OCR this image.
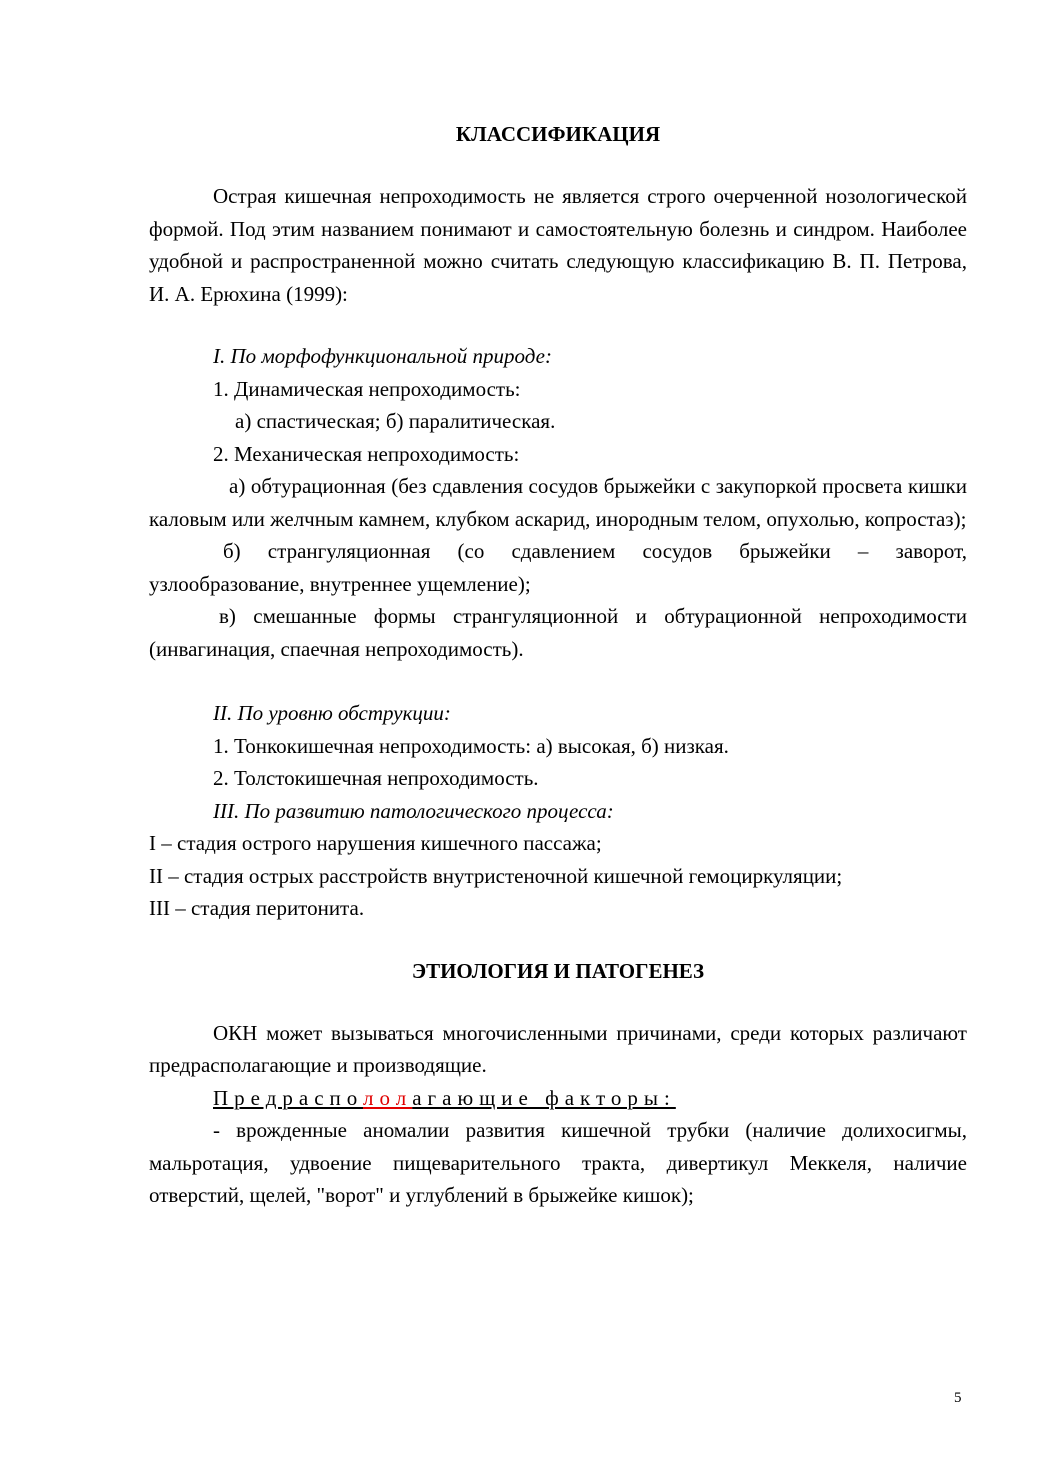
КЛАССИФИКАЦИЯ

Острая кишечная непроходимость не является строго очерченной нозологической формой. Под этим названием понимают и самостоятельную болезнь и синдром. Наиболее удобной и распространенной можно считать следующую классификацию В. П. Петрова, И. А. Ерюхина (1999):

I. По морфофункциональной природе:

1. Динамическая непроходимость:

а) спастическая; б) паралитическая.

2. Механическая непроходимость:

а) обтурационная (без сдавления сосудов брыжейки с закупоркой просвета кишки каловым или желчным камнем, клубком аскарид, инородным телом, опухолью, копростаз);

б) странгуляционная (со сдавлением сосудов брыжейки – заворот, узлообразование, внутреннее ущемление);

в) смешанные формы странгуляционной и обтурационной непроходимости (инвагинация, спаечная непроходимость).

II. По уровню обструкции:

1. Тонкокишечная непроходимость: а) высокая, б) низкая.

2. Толстокишечная непроходимость.

III. По развитию патологического процесса:

I – стадия острого нарушения кишечного пассажа;

II – стадия острых расстройств внутристеночной кишечной гемоциркуляции;

III – стадия перитонита.

ЭТИОЛОГИЯ И ПАТОГЕНЕЗ

ОКН может вызываться многочисленными причинами, среди которых различают предрасполагающие и производящие.

Предраспололагающие факторы:

- врожденные аномалии развития кишечной трубки (наличие долихосигмы, мальротация, удвоение пищеварительного тракта, дивертикул Меккеля, наличие отверстий, щелей, "ворот" и углублений в брыжейке кишок);

5
